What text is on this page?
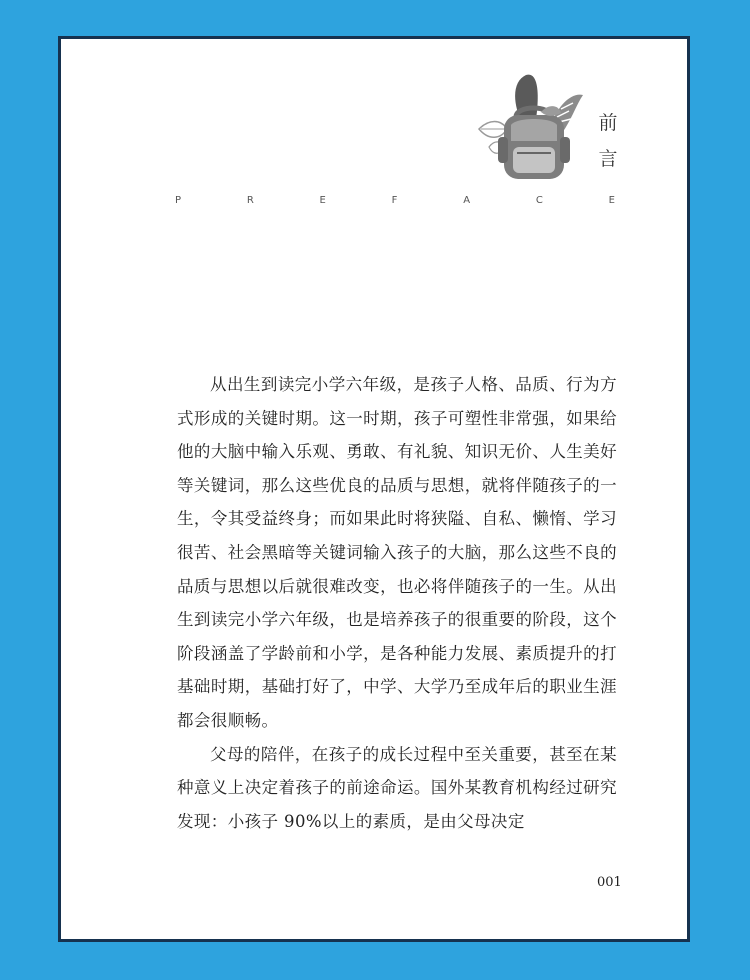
前
言
P	R	E	F	A	C	E

从出生到读完小学六年级，是孩子人格、品质、行为方式形成的关键时期。这一时期，孩子可塑性非常强，如果给他的大脑中输入乐观、勇敢、有礼貌、知识无价、人生美好等关键词，那么这些优良的品质与思想，就将伴随孩子的一生，令其受益终身；而如果此时将狭隘、自私、懒惰、学习很苦、社会黑暗等关键词输入孩子的大脑，那么这些不良的品质与思想以后就很难改变，也必将伴随孩子的一生。从出生到读完小学六年级，也是培养孩子的很重要的阶段，这个阶段涵盖了学龄前和小学，是各种能力发展、素质提升的打基础时期，基础打好了，中学、大学乃至成年后的职业生涯都会很顺畅。

父母的陪伴，在孩子的成长过程中至关重要，甚至在某种意义上决定着孩子的前途命运。国外某教育机构经过研究发现：小孩子 90%以上的素质，是由父母决定

001
